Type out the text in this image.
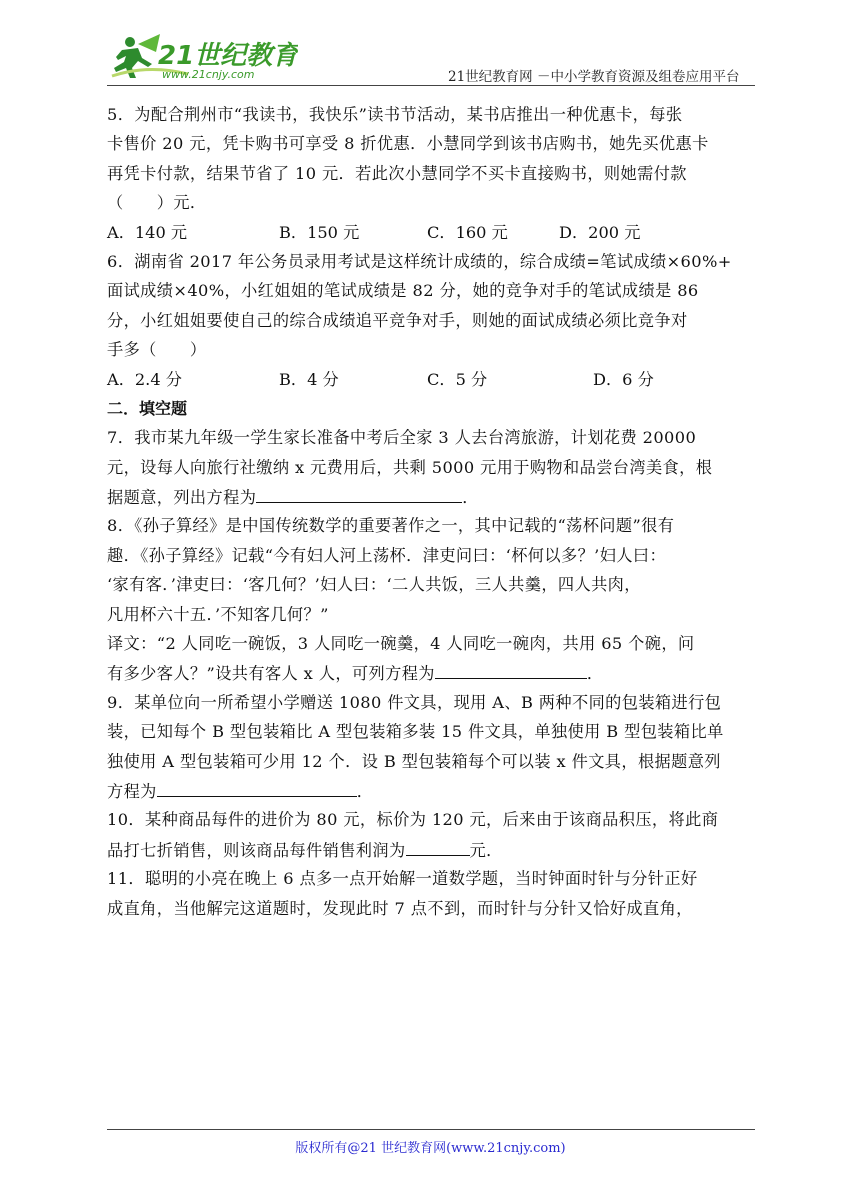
21世纪教育
www.21cnjy.com	21世纪教育网 －中小学教育资源及组卷应用平台
5．为配合荆州市“我读书，我快乐”读书节活动，某书店推出一种优惠卡，每张
卡售价 20 元，凭卡购书可享受 8 折优惠．小慧同学到该书店购书，她先买优惠卡
再凭卡付款，结果节省了 10 元．若此次小慧同学不买卡直接购书，则她需付款
（　　）元．
A．140 元	B．150 元	C．160 元	D．200 元
6．湖南省 2017 年公务员录用考试是这样统计成绩的，综合成绩=笔试成绩×60%+
面试成绩×40%，小红姐姐的笔试成绩是 82 分，她的竞争对手的笔试成绩是 86
分，小红姐姐要使自己的综合成绩追平竞争对手，则她的面试成绩必须比竞争对
手多（　　）
A．2.4 分	B．4 分	C．5 分	D．6 分
二．填空题
7．我市某九年级一学生家长准备中考后全家 3 人去台湾旅游，计划花费 20000
元，设每人向旅行社缴纳 x 元费用后，共剩 5000 元用于购物和品尝台湾美食，根
据题意，列出方程为	．
8．《孙子算经》是中国传统数学的重要著作之一，其中记载的“荡杯问题”很有
趣．《孙子算经》记载“今有妇人河上荡杯．津吏问曰：‘杯何以多？’妇人曰：
‘家有客．’津吏曰：‘客几何？’妇人曰：‘二人共饭，三人共羹，四人共肉，
凡用杯六十五．’不知客几何？”
译文：“2 人同吃一碗饭，3 人同吃一碗羹，4 人同吃一碗肉，共用 65 个碗，问
有多少客人？”设共有客人 x 人，可列方程为	．
9．某单位向一所希望小学赠送 1080 件文具，现用 A、B 两种不同的包装箱进行包
装，已知每个 B 型包装箱比 A 型包装箱多装 15 件文具，单独使用 B 型包装箱比单
独使用 A 型包装箱可少用 12 个．设 B 型包装箱每个可以装 x 件文具，根据题意列
方程为	．
10．某种商品每件的进价为 80 元，标价为 120 元，后来由于该商品积压，将此商
品打七折销售，则该商品每件销售利润为	元．
11．聪明的小亮在晚上 6 点多一点开始解一道数学题，当时钟面时针与分针正好
成直角，当他解完这道题时，发现此时 7 点不到，而时针与分针又恰好成直角，
版权所有@21 世纪教育网(www.21cnjy.com)
